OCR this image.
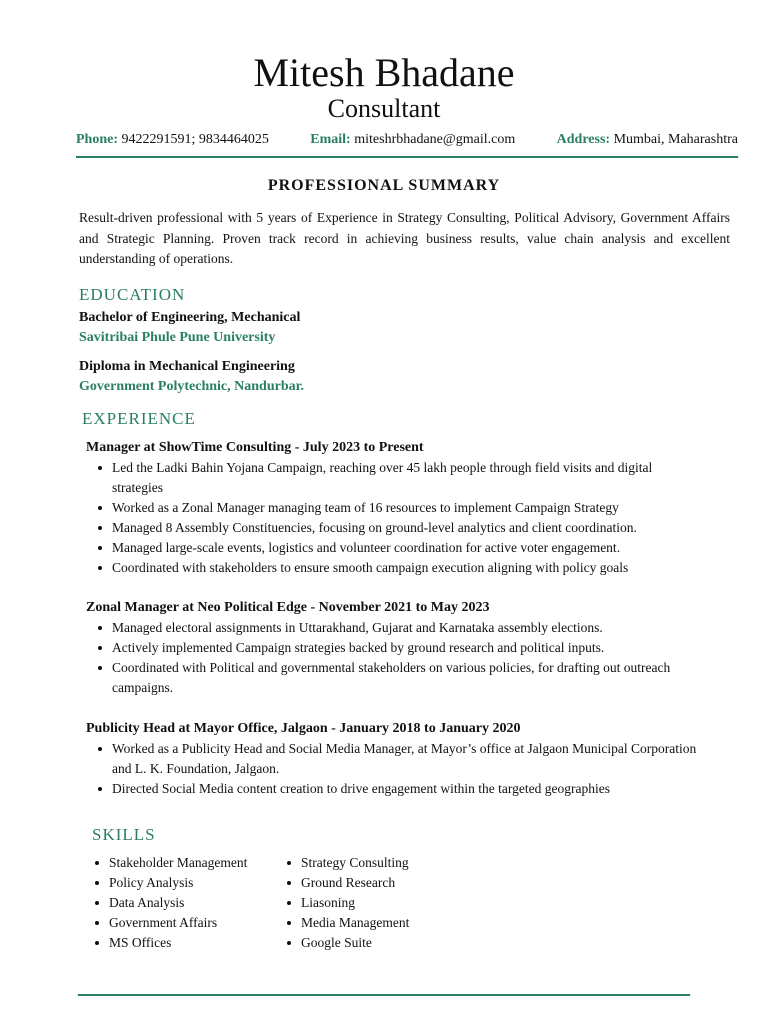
Mitesh Bhadane
Consultant
Phone: 9422291591; 9834464025	Email: miteshrbhadane@gmail.com	Address: Mumbai, Maharashtra
PROFESSIONAL SUMMARY
Result-driven professional with 5 years of Experience in Strategy Consulting, Political Advisory, Government Affairs and Strategic Planning. Proven track record in achieving business results, value chain analysis and excellent understanding of operations.
EDUCATION
Bachelor of Engineering, Mechanical
Savitribai Phule Pune University
Diploma in Mechanical Engineering
Government Polytechnic, Nandurbar.
EXPERIENCE
Manager at ShowTime Consulting - July 2023 to Present
Led the Ladki Bahin Yojana Campaign, reaching over 45 lakh people through field visits and digital strategies
Worked as a Zonal Manager managing team of 16 resources to implement Campaign Strategy
Managed 8 Assembly Constituencies, focusing on ground-level analytics and client coordination.
Managed large-scale events, logistics and volunteer coordination for active voter engagement.
Coordinated with stakeholders to ensure smooth campaign execution aligning with policy goals
Zonal Manager at Neo Political Edge - November 2021 to May 2023
Managed electoral assignments in Uttarakhand, Gujarat and Karnataka assembly elections.
Actively implemented Campaign strategies backed by ground research and political inputs.
Coordinated with Political and governmental stakeholders on various policies, for drafting out outreach campaigns.
Publicity Head at Mayor Office, Jalgaon - January 2018 to January 2020
Worked as a Publicity Head and Social Media Manager, at Mayor’s office at Jalgaon Municipal Corporation and L. K. Foundation, Jalgaon.
Directed Social Media content creation to drive engagement within the targeted geographies
SKILLS
Stakeholder Management
Policy Analysis
Data Analysis
Government Affairs
MS Offices
Strategy Consulting
Ground Research
Liasoning
Media Management
Google Suite
